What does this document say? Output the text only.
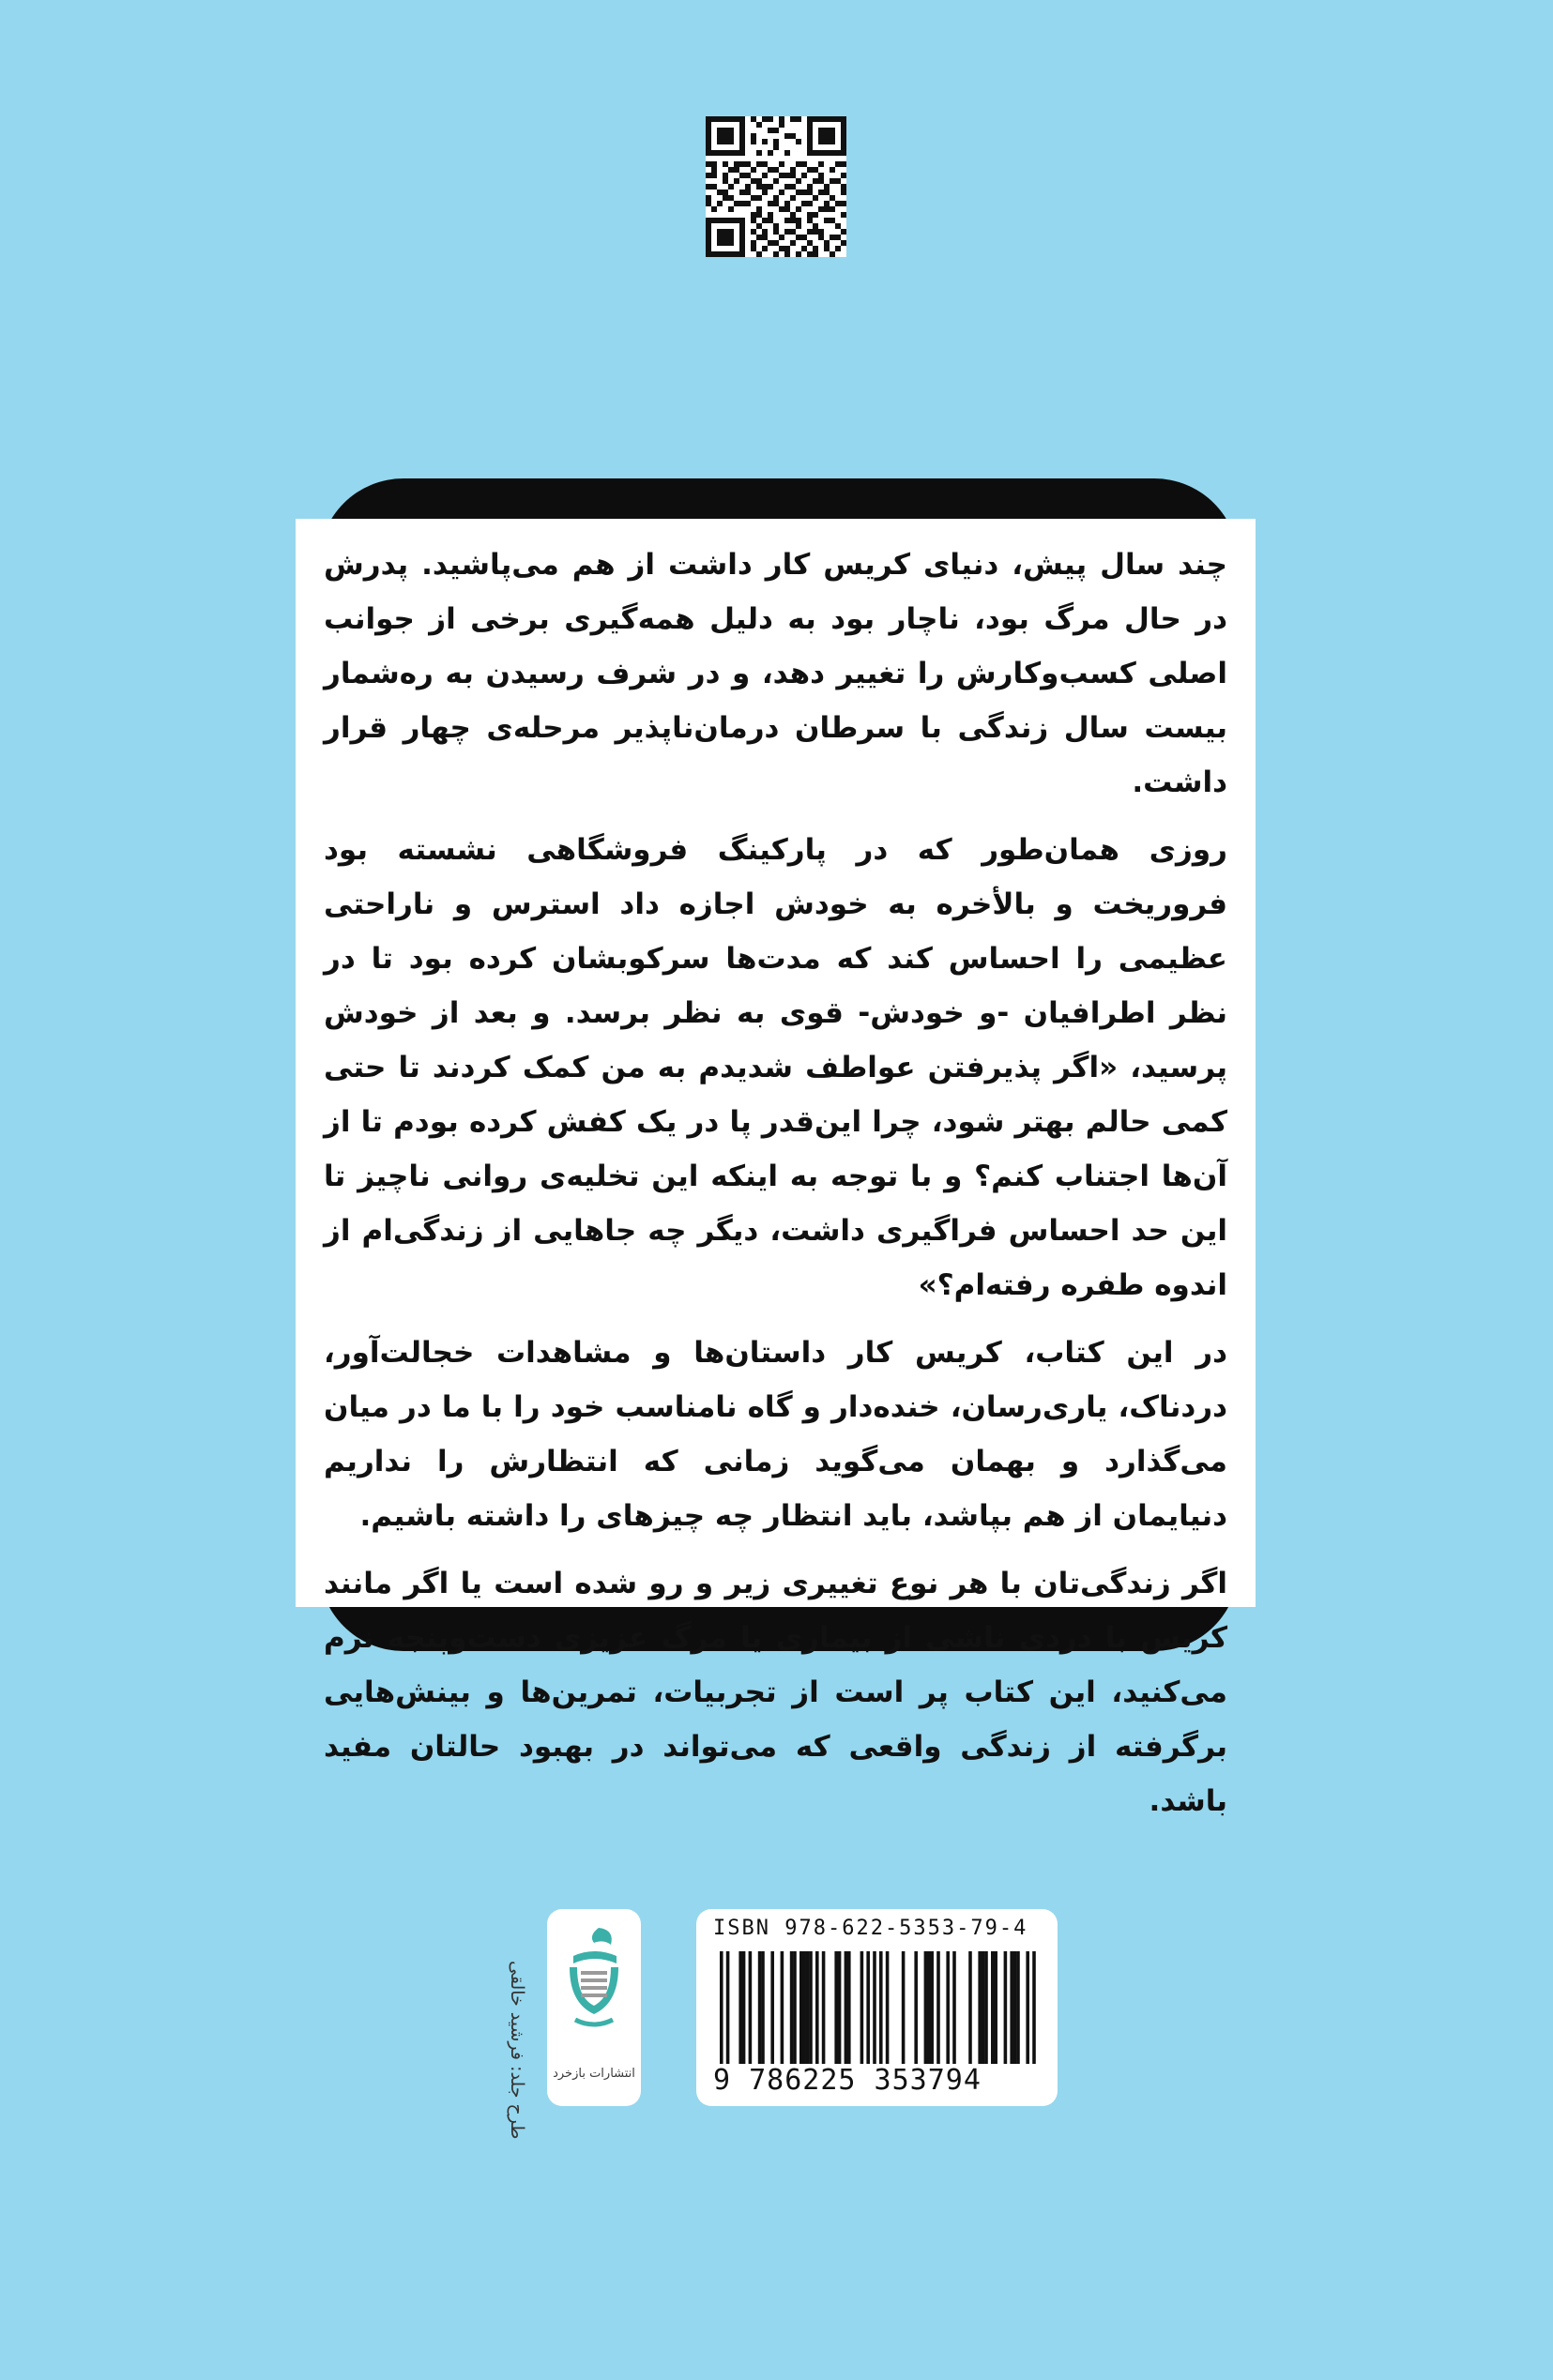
چند سال پیش، دنیای کریس کار داشت از هم می‌پاشید. پدرش در حال مرگ بود، ناچار بود به دلیل همه‌گیری برخی از جوانب اصلی کسب‌وکارش را تغییر دهد، و در شرف رسیدن به ره‌شمار بیست سال زندگی با سرطان درمان‌ناپذیر مرحله‌ی چهار قرار داشت.

روزی همان‌طور که در پارکینگ فروشگاهی نشسته بود فروریخت و بالأخره به خودش اجازه داد استرس و ناراحتی عظیمی را احساس کند که مدت‌ها سرکوبشان کرده بود تا در نظر اطرافیان -و خودش- قوی به نظر برسد. و بعد از خودش پرسید، «اگر پذیرفتن عواطف شدیدم به من کمک کردند تا حتی کمی حالم بهتر شود، چرا این‌قدر پا در یک کفش کرده بودم تا از آن‌ها اجتناب کنم؟ و با توجه به اینکه این تخلیه‌ی روانی ناچیز تا این حد احساس فراگیری داشت، دیگر چه جاهایی از زندگی‌ام از اندوه طفره رفته‌ام؟»

در این کتاب، کریس کار داستان‌ها و مشاهدات خجالت‌آور، دردناک، یاری‌رسان، خنده‌دار و گاه نامناسب خود را با ما در میان می‌گذارد و بهمان می‌گوید زمانی که انتظارش را نداریم دنیایمان از هم بپاشد، باید انتظار چه چیزهای را داشته باشیم.

اگر زندگی‌تان با هر نوع تغییری زیر و رو شده است یا اگر مانند کریس با دردی ناشی از بیماری یا مرگ عزیزی دست‌وپنجه نرم می‌کنید، این کتاب پر است از تجربیات، تمرین‌ها و بینش‌هایی برگرفته از زندگی واقعی که می‌تواند در بهبود حالتان مفید باشد.

طرح جلد: فرشید خالقی	انتشارات بازخرد
ISBN 978-622-5353-79-4
9 786225 353794
